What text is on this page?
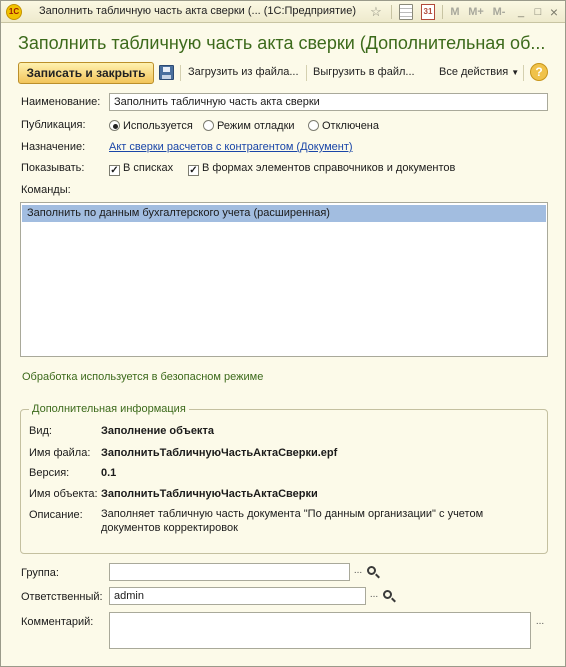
1С Заполнить табличную часть акта сверки (... (1С:Предприятие) ☆	31 M M+ M-	_ □ ×
Заполнить табличную часть акта сверки (Дополнительная об...
Записать и закрыть	Загрузить из файла... Выгрузить в файл... Все действия ▼	?
Наименование:	Заполнить табличную часть акта сверки
Публикация:	Используется	Режим отладки	Отключена
Назначение: Акт сверки расчетов с контрагентом (Документ)
Показывать:	✓ В списках ✓ В формах элементов справочников и документов
Команды:
Заполнить по данным бухгалтерского учета (расширенная)
Обработка используется в безопасном режиме
Дополнительная информация
Вид:	Заполнение объекта
Имя файла: ЗаполнитьТабличнуюЧастьАктаСверки.epf
Версия:	0.1
Имя объекта: ЗаполнитьТабличнуюЧастьАктаСверки
Описание: Заполняет табличную часть документа "По данным организации" с учетом
документов корректировок
Группа:	...
Ответственный:	admin	...
Комментарий:	...
